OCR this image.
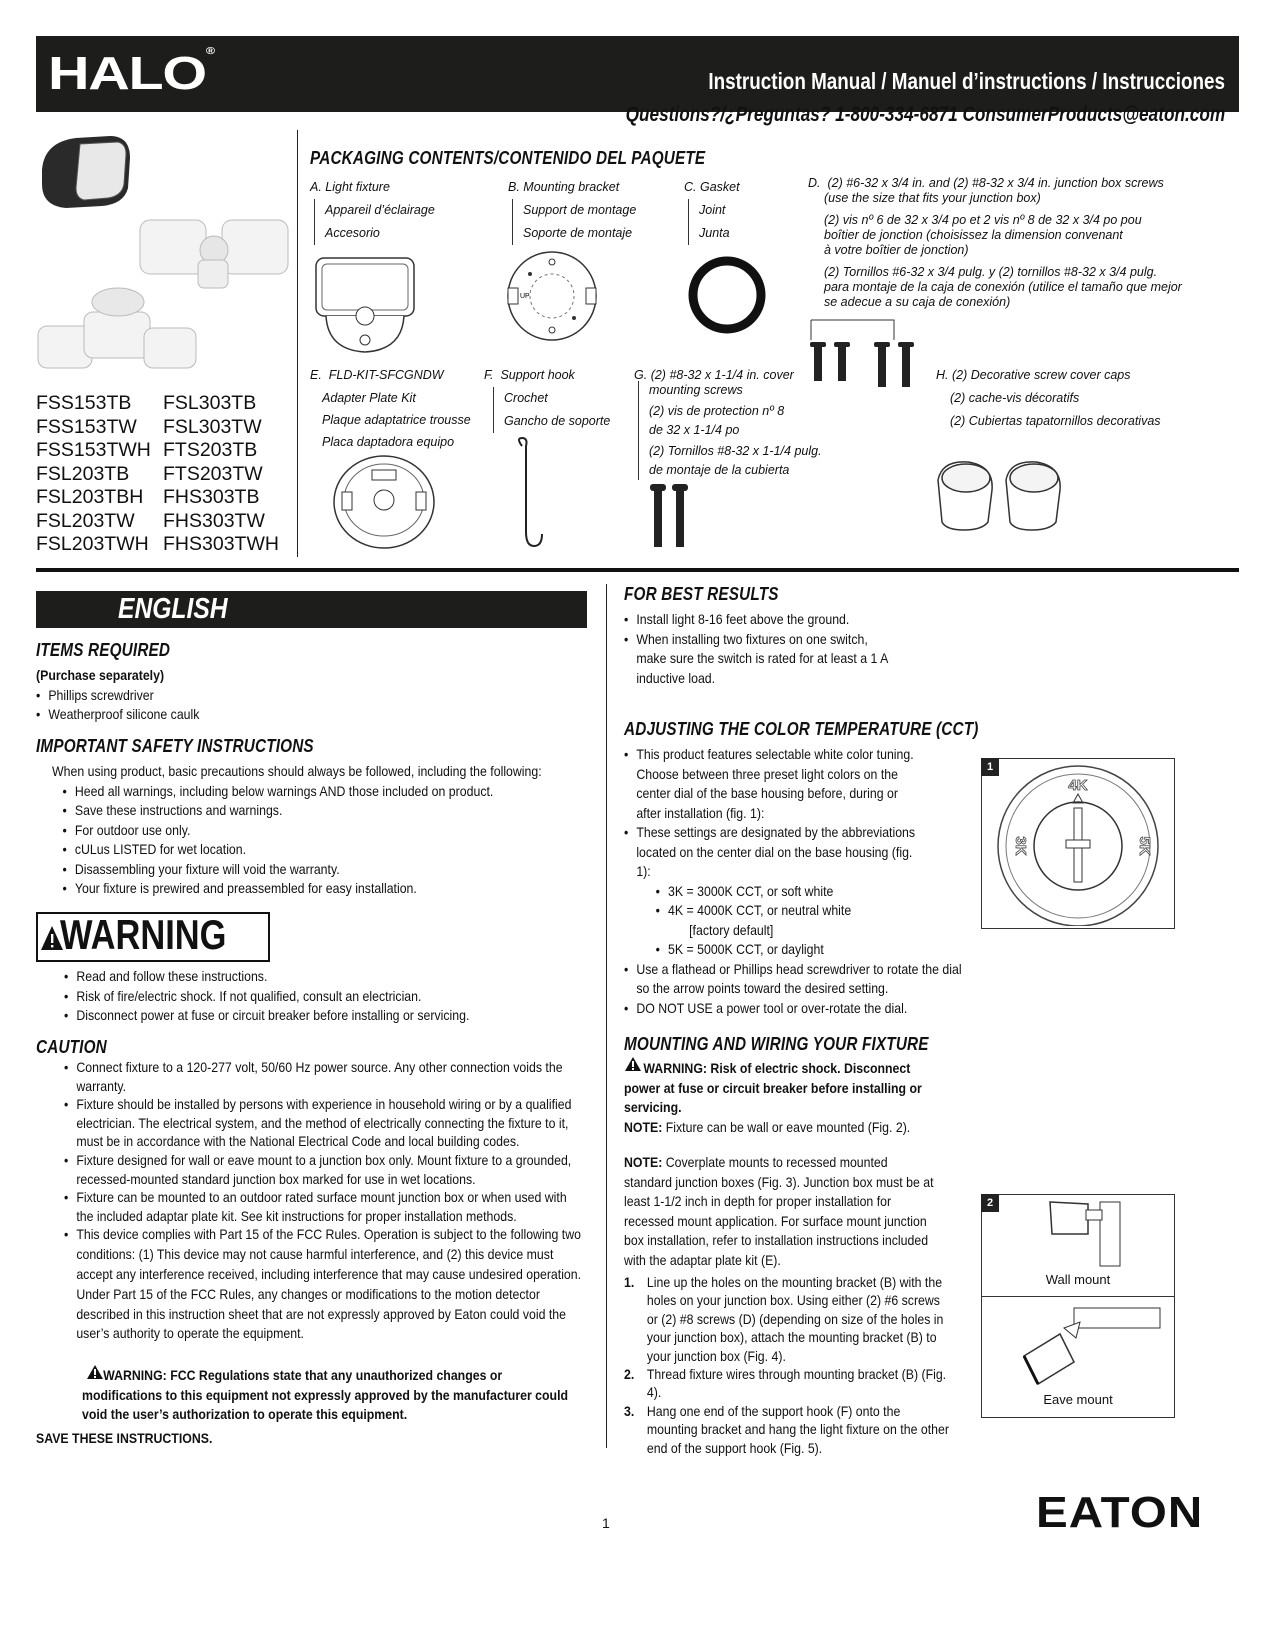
HALO®
Instruction Manual / Manuel d’instructions / Instrucciones
Questions?/¿Preguntas? 1-800-334-6871 ConsumerProducts@eaton.com
FSS153TB
FSS153TW
FSS153TWH
FSL203TB
FSL203TBH
FSL203TW
FSL203TWH
FSL303TB
FSL303TW
FTS203TB
FTS203TW
FHS303TB
FHS303TW
FHS303TWH
PACKAGING CONTENTS/CONTENIDO DEL PAQUETE
A. Light fixture
Appareil d’éclairage
Accesorio
B. Mounting bracket
Support de montage
Soporte de montaje
UP
C. Gasket
Joint
Junta
D. (2) #6-32 x 3/4 in. and (2) #8-32 x 3/4 in. junction box screws
(use the size that fits your junction box)
(2) vis nº 6 de 32 x 3/4 po et 2 vis nº 8 de 32 x 3/4 po pou
boîtier de jonction (choisissez la dimension convenant
à votre boîtier de jonction)
(2) Tornillos #6-32 x 3/4 pulg. y (2) tornillos #8-32 x 3/4 pulg.
para montaje de la caja de conexión (utilice el tamaño que mejor
se adecue a su caja de conexión)
E. FLD-KIT-SFCGNDW
Adapter Plate Kit
Plaque adaptatrice trousse
Placa daptadora equipo
F. Support hook
Crochet
Gancho de soporte
G. (2) #8-32 x 1-1/4 in. cover
mounting screws
(2) vis de protection nº 8
de 32 x 1-1/4 po
(2) Tornillos #8-32 x 1-1/4 pulg.
de montaje de la cubierta
H. (2) Decorative screw cover caps
(2) cache-vis décoratifs
(2) Cubiertas tapatornillos decorativas
ENGLISH
ITEMS REQUIRED

(Purchase separately)

• Phillips screwdriver
• Weatherproof silicone caulk
IMPORTANT SAFETY INSTRUCTIONS

When using product, basic precautions should always be followed, including the following:

• Heed all warnings, including below warnings AND those included on product.
• Save these instructions and warnings.
• For outdoor use only.
• cULus LISTED for wet location.
• Disassembling your fixture will void the warranty.
• Your fixture is prewired and preassembled for easy installation.
WARNING
• Read and follow these instructions.
• Risk of fire/electric shock. If not qualified, consult an electrician.
• Disconnect power at fuse or circuit breaker before installing or servicing.
CAUTION
• Connect fixture to a 120-277 volt, 50/60 Hz power source. Any other connection voids the warranty.
• Fixture should be installed by persons with experience in household wiring or by a qualified electrician. The electrical system, and the method of electrically connecting the fixture to it, must be in accordance with the National Electrical Code and local building codes.
• Fixture designed for wall or eave mount to a junction box only. Mount fixture to a grounded, recessed-mounted standard junction box marked for use in wet locations.
• Fixture can be mounted to an outdoor rated surface mount junction box or when used with the included adaptar plate kit. See kit instructions for proper installation methods.
• This device complies with Part 15 of the FCC Rules. Operation is subject to the following two conditions: (1) This device may not cause harmful interference, and (2) this device must accept any interference received, including interference that may cause undesired operation. Under Part 15 of the FCC Rules, any changes or modifications to the motion detector described in this instruction sheet that are not expressly approved by Eaton could void the user’s authority to operate the equipment.
WARNING: FCC Regulations state that any unauthorized changes or modifications to this equipment not expressly approved by the manufacturer could void the user’s authorization to operate this equipment.
SAVE THESE INSTRUCTIONS.
FOR BEST RESULTS
• Install light 8-16 feet above the ground.
• When installing two fixtures on one switch, make sure the switch is rated for at least a 1 A inductive load.
ADJUSTING THE COLOR TEMPERATURE (CCT)
• This product features selectable white color tuning. Choose between three preset light colors on the center dial of the base housing before, during or after installation (fig. 1):
• These settings are designated by the abbreviations located on the center dial on the base housing (fig. 1):
• 3K = 3000K CCT, or soft white
• 4K = 4000K CCT, or neutral white

[factory default]

• 5K = 5000K CCT, or daylight
• Use a flathead or Phillips head screwdriver to rotate the dial so the arrow points toward the desired setting.
• DO NOT USE a power tool or over-rotate the dial.
1
4K
3K	5K
MOUNTING AND WIRING YOUR FIXTURE

WARNING: Risk of electric shock. Disconnect power at fuse or circuit breaker before installing or servicing.

NOTE: Fixture can be wall or eave mounted (Fig. 2).

NOTE: Coverplate mounts to recessed mounted standard junction boxes (Fig. 3). Junction box must be at least 1-1/2 inch in depth for proper installation for recessed mount application. For surface mount junction box installation, refer to installation instructions included with the adaptar plate kit (E).

1. Line up the holes on the mounting bracket (B) with the holes on your junction box. Using either (2) #6 screws or (2) #8 screws (D) (depending on size of the holes in your junction box), attach the mounting bracket (B) to your junction box (Fig. 4).
2. Thread fixture wires through mounting bracket (B) (Fig. 4).
3. Hang one end of the support hook (F) onto the mounting bracket and hang the light fixture on the other end of the support hook (Fig. 5).
2
Wall mount
Eave mount
1	EATON
